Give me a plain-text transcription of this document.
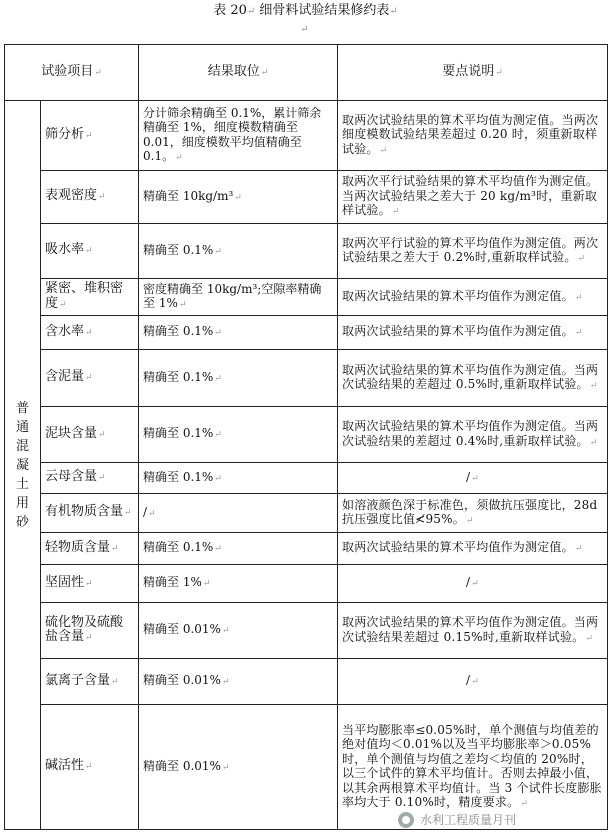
表 20↵ 细骨料试验结果修约表↵
↵
试验项目↵		结果取位↵	要点说明↵
普通混凝土用砂	筛分析↵	分计筛余精确至 0.1%，累计筛余精确至 1%，细度模数精确至 0.01，细度模数平均值精确至 0.1。↵	取两次试验结果的算术平均值为测定值。当两次细度模数试验结果差超过 0.20 时，须重新取样试验。↵
	表观密度↵	精确至 10kg/m³↵	取两次平行试验结果的算术平均值作为测定值。当两次试验结果之差大于 20 kg/m³时，重新取样试验。↵
	吸水率↵	精确至 0.1%↵	取两次平行试验的算术平均值作为测定值。两次试验结果之差大于 0.2%时,重新取样试验。↵
	紧密、堆积密度↵	密度精确至 10kg/m³;空隙率精确至 1%↵	取两次试验结果的算术平均值作为测定值。↵
	含水率↵	精确至 0.1%↵	取两次试验结果的算术平均值作为测定值。↵
	含泥量↵	精确至 0.1%↵	取两次试验结果的算术平均值作为测定值。当两次试验结果的差超过 0.5%时,重新取样试验。↵
	泥块含量↵	精确至 0.1%↵	取两次试验结果的算术平均值作为测定值。当两次试验结果的差超过 0.4%时,重新取样试验。↵
	云母含量↵	精确至 0.1%↵	/↵
	有机物质含量↵	/↵	如溶液颜色深于标准色，须做抗压强度比，28d 抗压强度比值≮95%。↵
	轻物质含量↵	精确至 0.1%↵	取两次试验结果的算术平均值作为测定值。↵
	坚固性↵	精确至 1%↵	/↵
	硫化物及硫酸盐含量↵	精确至 0.01%↵	取两次试验结果的算术平均值作为测定值。当两次试验结果差超过 0.15%时,重新取样试验。↵
	氯离子含量↵	精确至 0.01%↵	/↵
	碱活性↵	精确至 0.01%↵	当平均膨胀率≤0.05%时，单个测值与均值差的绝对值均＜0.01%以及当平均膨胀率＞0.05%时，单个测值与均值之差均＜均值的 20%时，以三个试件的算术平均值计。否则去掉最小值，以其余两根算术平均值计。当 3 个试件长度膨胀率均大于 0.10%时，精度要求。↵
水利工程质量月刊
